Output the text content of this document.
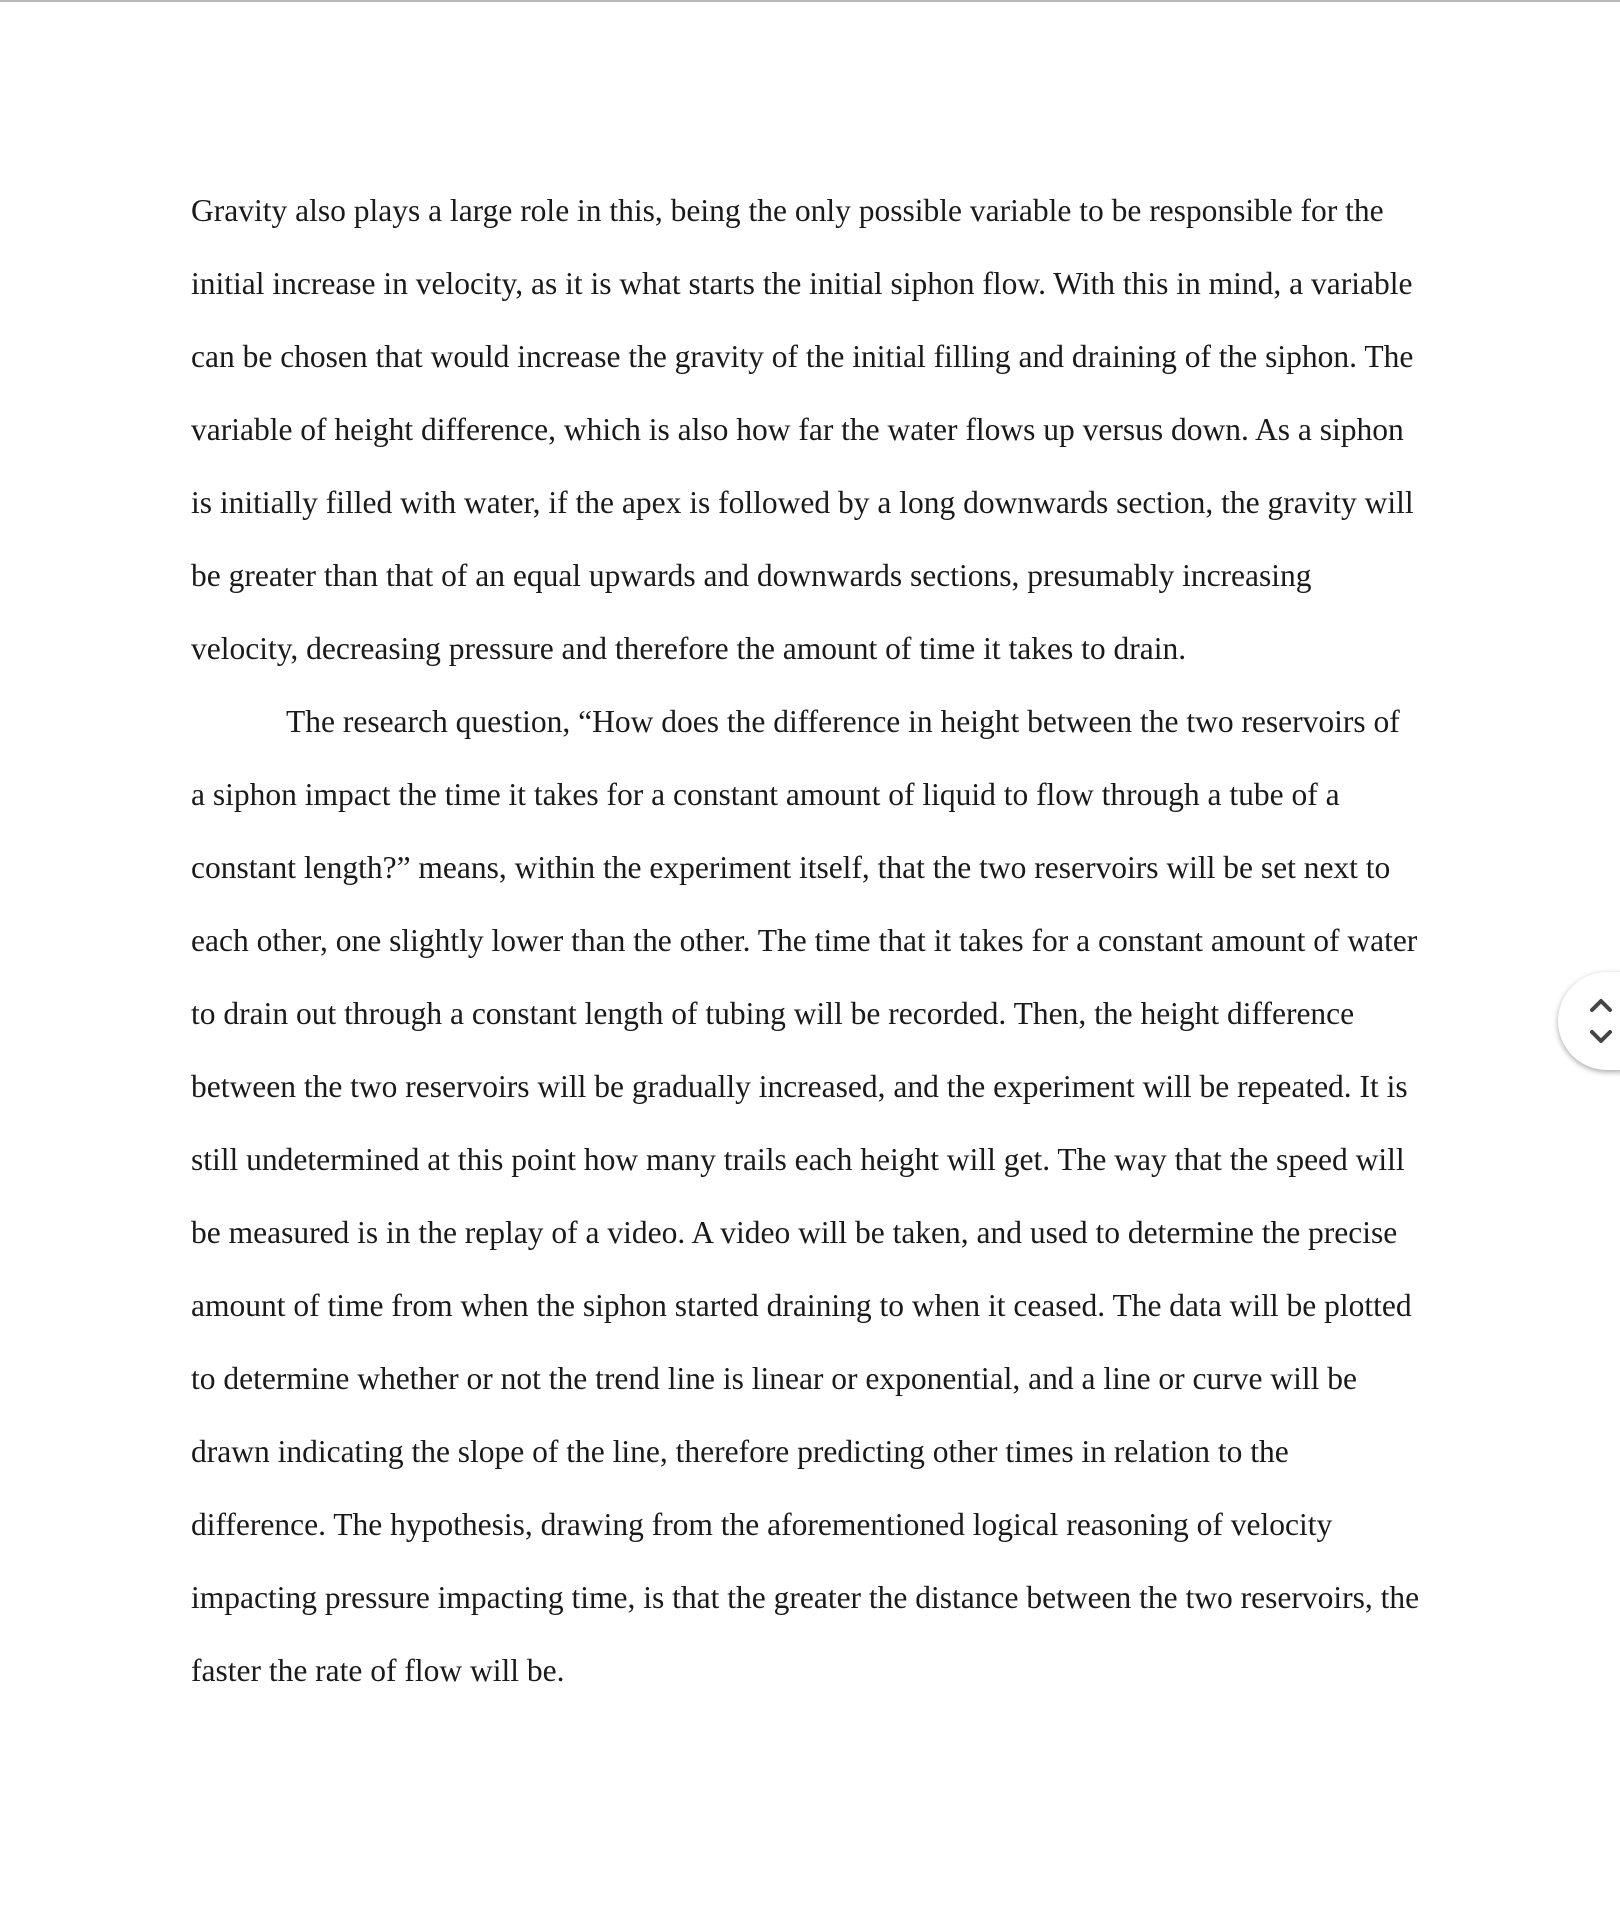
Gravity also plays a large role in this, being the only possible variable to be responsible for the
initial increase in velocity, as it is what starts the initial siphon flow. With this in mind, a variable
can be chosen that would increase the gravity of the initial filling and draining of the siphon. The
variable of height difference, which is also how far the water flows up versus down. As a siphon
is initially filled with water, if the apex is followed by a long downwards section, the gravity will
be greater than that of an equal upwards and downwards sections, presumably increasing
velocity, decreasing pressure and therefore the amount of time it takes to drain.
The research question, “How does the difference in height between the two reservoirs of
a siphon impact the time it takes for a constant amount of liquid to flow through a tube of a
constant length?” means, within the experiment itself, that the two reservoirs will be set next to
each other, one slightly lower than the other. The time that it takes for a constant amount of water
to drain out through a constant length of tubing will be recorded. Then, the height difference
between the two reservoirs will be gradually increased, and the experiment will be repeated. It is
still undetermined at this point how many trails each height will get. The way that the speed will
be measured is in the replay of a video. A video will be taken, and used to determine the precise
amount of time from when the siphon started draining to when it ceased. The data will be plotted
to determine whether or not the trend line is linear or exponential, and a line or curve will be
drawn indicating the slope of the line, therefore predicting other times in relation to the
difference. The hypothesis, drawing from the aforementioned logical reasoning of velocity
impacting pressure impacting time, is that the greater the distance between the two reservoirs, the
faster the rate of flow will be.
